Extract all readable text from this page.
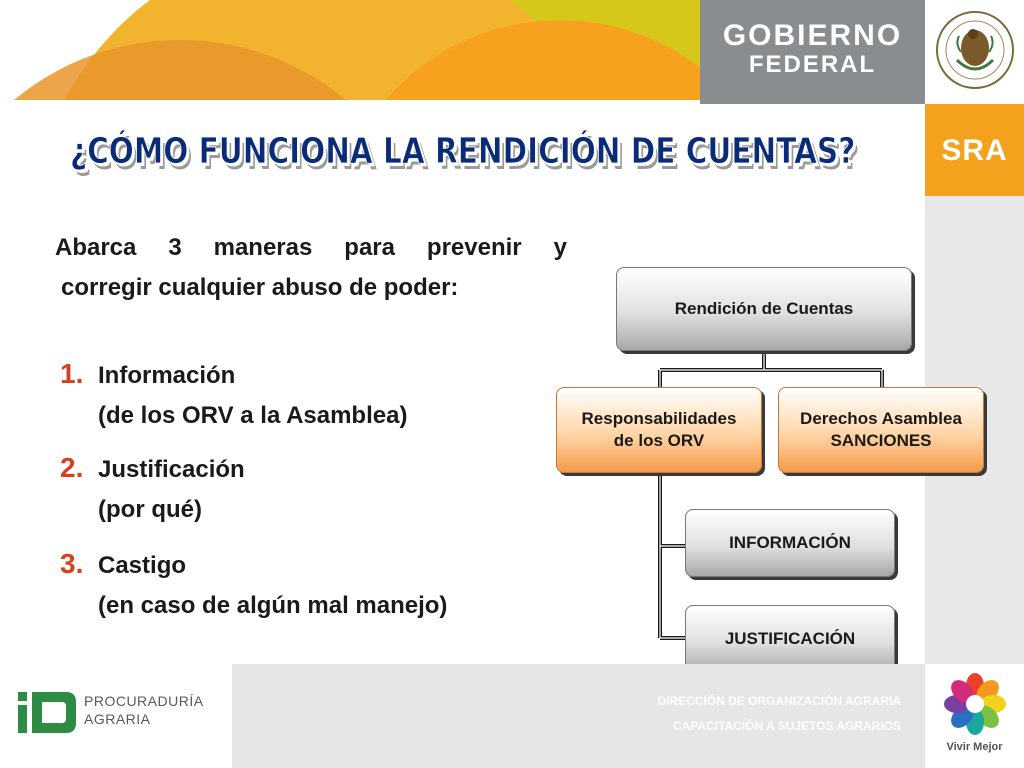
GOBIERNO
FEDERAL
SRA
¿CÓMO FUNCIONA LA RENDICIÓN DE CUENTAS?
Abarca 3 maneras para prevenir y
corregir cualquier abuso de poder:
1. Información
(de los ORV a la Asamblea)
2. Justificación
(por qué)
3. Castigo
(en caso de algún mal manejo)
Rendición de Cuentas
Responsabilidades
de los ORV
Derechos Asamblea
SANCIONES
INFORMACIÓN
JUSTIFICACIÓN
DIRECCIÓN DE ORGANIZACIÓN AGRARIA
CAPACITACIÓN A SUJETOS AGRARIOS
PROCURADURÍA
AGRARIA
Vivir Mejor
